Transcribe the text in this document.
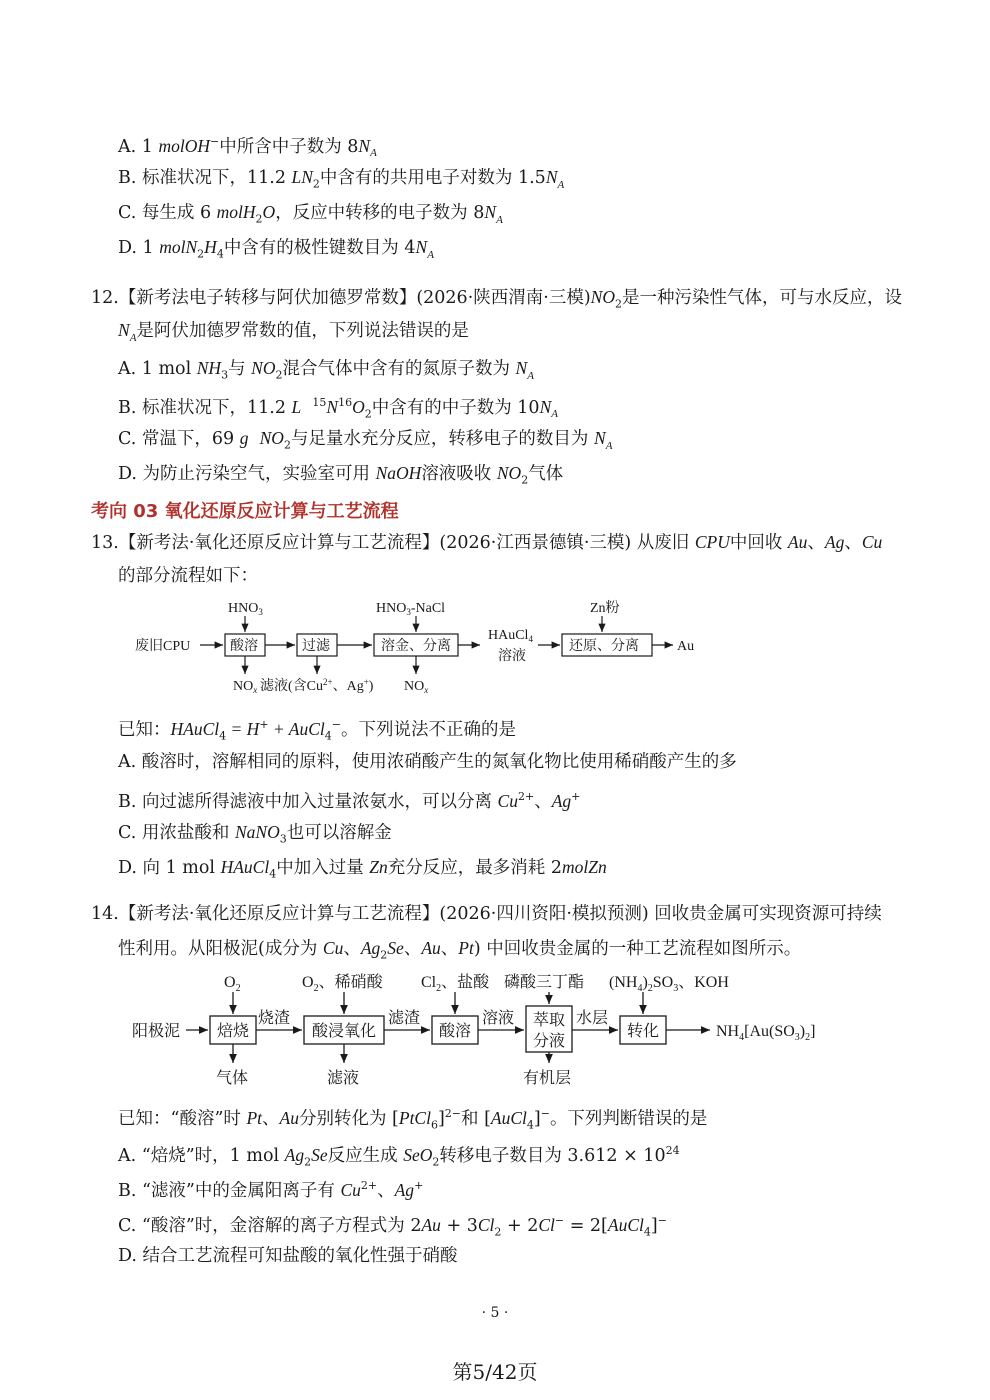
A. 1 molOH−中所含中子数为 $8N_A$
B. 标准状况下，11.2 $LN_2$中含有的共用电子对数为 $1.5N_A$
C. 每生成 6 molH$_2$O，反应中转移的电子数为 $8N_A$
D. 1 $molN_2H_4$中含有的极性键数目为 $4N_A$
12.【新考法电子转移与阿伏加德罗常数】(2026·陕西渭南·三模)$NO_2$是一种污染性气体，可与水反应，设
$N_A$是阿伏加德罗常数的值，下列说法错误的是
A. 1 mol $NH_3$与 $NO_2$混合气体中含有的氮原子数为 $N_A$
B. 标准状况下，11.2 L $^{15}N^{16}O_2$中含有的中子数为 $10N_A$
C. 常温下，69 g $NO_2$与足量水充分反应，转移电子的数目为 $N_A$
D. 为防止污染空气，实验室可用 NaOH溶液吸收 $NO_2$气体
考向 03 氧化还原反应计算与工艺流程
13.【新考法·氧化还原反应计算与工艺流程】(2026·江西景德镇·三模) 从废旧 CPU中回收 Au、Ag、Cu
的部分流程如下：
废旧CPU	酸溶	过滤	溶金、分离	还原、分离
$HNO_3$	$HNO_3$-NaCl	Zn粉
$NO_x$ 滤液(含$Cu^{2+}$、Ag+) $NO_x$
HAuCl$_4$
溶液
Au
已知：HAuCl$_4$ = H+ + AuCl$_4$−。下列说法不正确的是
A. 酸溶时，溶解相同的原料，使用浓硝酸产生的氮氧化物比使用稀硝酸产生的多
B. 向过滤所得滤液中加入过量浓氨水，可以分离 $Cu^{2+}$、Ag+
C. 用浓盐酸和 NaNO$_3$也可以溶解金
D. 向 1 mol HAuCl$_4$中加入过量 Zn充分反应，最多消耗 2molZn
14.【新考法·氧化还原反应计算与工艺流程】(2026·四川资阳·模拟预测) 回收贵金属可实现资源可持续
性利用。从阳极泥(成分为 Cu、$Ag_2Se$、Au、Pt) 中回收贵金属的一种工艺流程如图所示。
阳极泥 焙烧	酸浸氧化	酸溶
萃取
分液
转化
$O_2$	$O_2$、稀硝酸 $Cl_2$、盐酸 磷酸三丁酯 $(NH_4)_2SO_3$、KOH
气体	滤液	有机层
烧渣	滤渣	溶液	水层
$NH_4[Au(SO_3)_2]$
已知：“酸溶”时 Pt、Au分别转化为 [PtCl$_6$]$^{2-}$和 [AuCl$_4$]−。下列判断错误的是
A. “焙烧”时，1 mol $Ag_2Se$反应生成 SeO$_2$转移电子数目为 $3.612 \times 10^{24}$
B. “滤液”中的金属阳离子有 $Cu^{2+}$、Ag+
C. “酸溶”时，金溶解的离子方程式为 $2Au + 3Cl_2 + 2Cl^-$ = 2[AuCl$_4$]−
D. 结合工艺流程可知盐酸的氧化性强于硝酸
· 5 ·
第5/42页
